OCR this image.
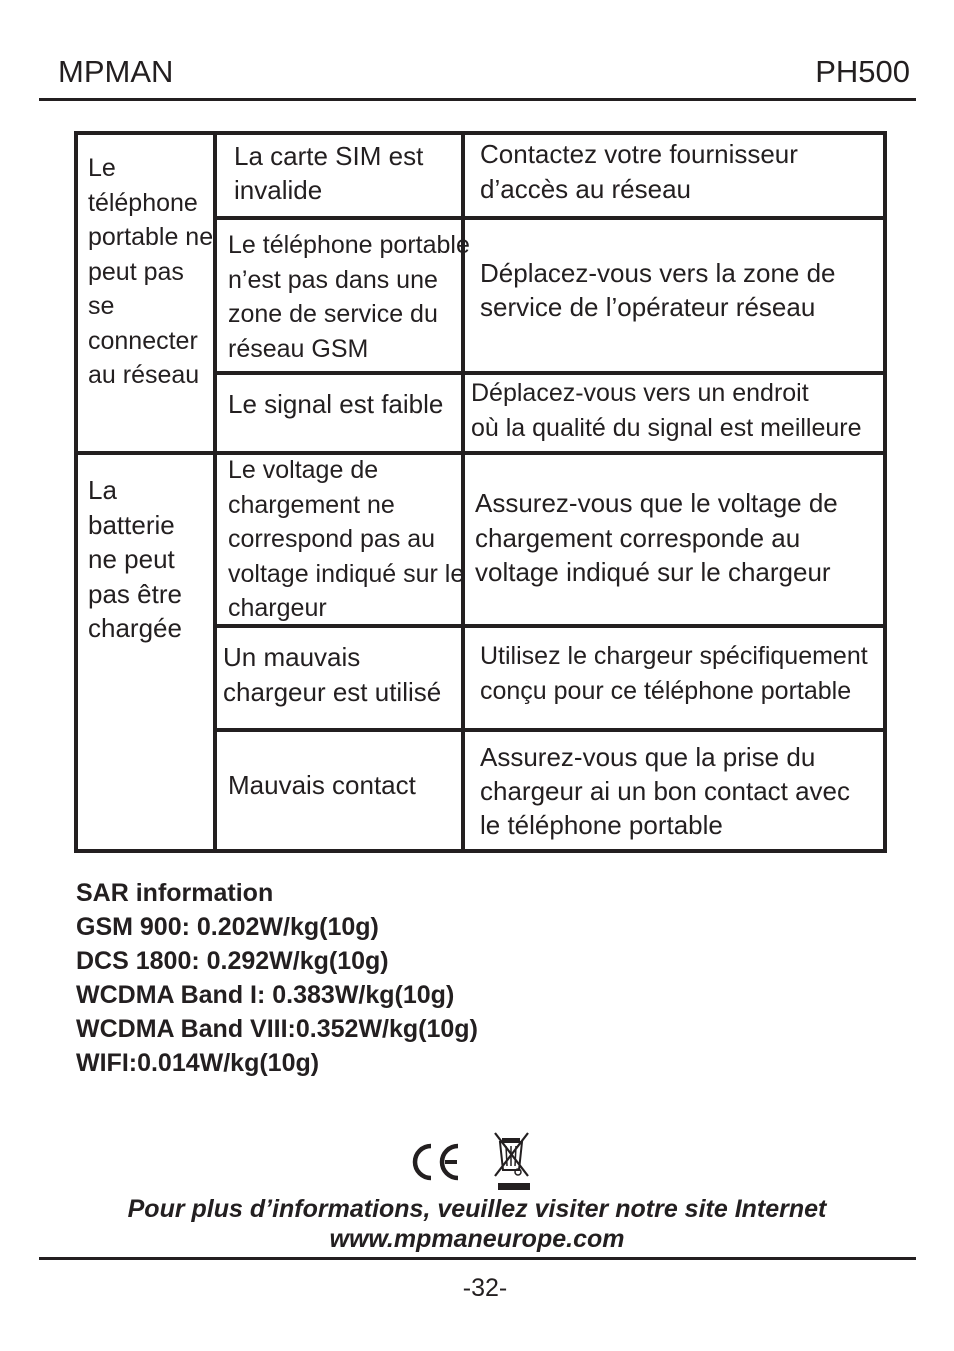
MPMAN	PH500
Le
téléphone
portable ne
peut pas
se
connecter
au réseau
La
batterie
ne peut
pas être
chargée
La carte SIM est
invalide
Le téléphone portable
n’est pas dans une
zone de service du
réseau GSM
Le signal est faible
Le voltage de
chargement ne
correspond pas au
voltage indiqué sur le
chargeur
Un mauvais
chargeur est utilisé
Mauvais contact
Contactez votre fournisseur
d’accès au réseau
Déplacez-vous vers la zone de
service de l’opérateur réseau
Déplacez-vous vers un endroit
où la qualité du signal est meilleure
Assurez-vous que le voltage de
chargement corresponde au
voltage indiqué sur le chargeur
Utilisez le chargeur spécifiquement
conçu pour ce téléphone portable
Assurez-vous que la prise du
chargeur ai un bon contact avec
le téléphone portable
SAR information
GSM 900: 0.202W/kg(10g)
DCS 1800: 0.292W/kg(10g)
WCDMA Band I: 0.383W/kg(10g)
WCDMA Band VIII:0.352W/kg(10g)
WIFI:0.014W/kg(10g)
Pour plus d’informations, veuillez visiter notre site Internet
www.mpmaneurope.com
-32-
